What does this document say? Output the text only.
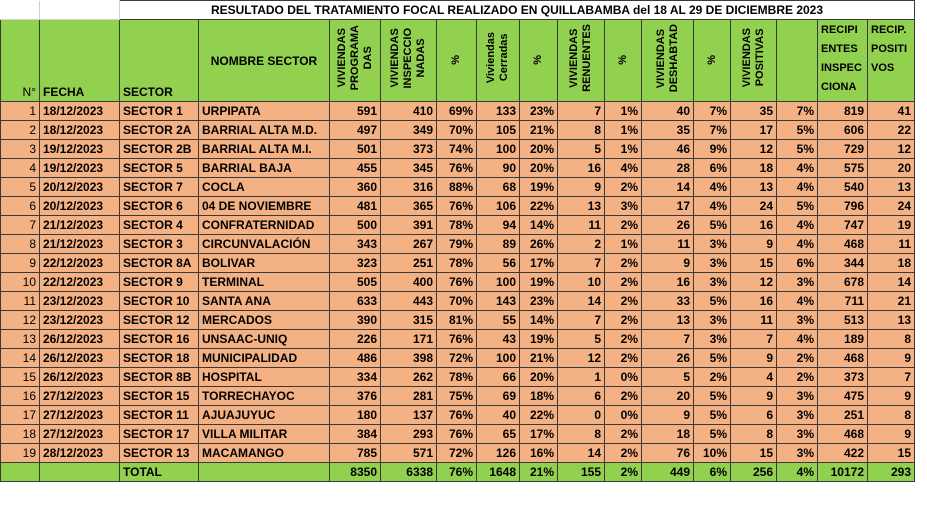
		RESULTADO DEL TRATAMIENTO FOCAL REALIZADO EN QUILLABAMBA del 18 AL 29 DE DICIEMBRE 2023														
N°	FECHA	SECTOR	NOMBRE SECTOR	VIVIENDAS
PROGRAMA
DAS	VIVIENDAS
INSPECCIO
NADAS	%	Viviendas
Cerradas	%	VIVIENDAS
RENUENTES	%	VIVIENDAS
DESHABTAD	%	VIVIENDAS
POSITIVAS		RECIPI
ENTES
INSPEC
CIONA	RECIP.
POSITI
VOS
1	18/12/2023	SECTOR 1	URPIPATA	591	410	69%	133	23%	7	1%	40	7%	35	7%	819	41
2	18/12/2023	SECTOR 2A	BARRIAL ALTA M.D.	497	349	70%	105	21%	8	1%	35	7%	17	5%	606	22
3	19/12/2023	SECTOR 2B	BARRIAL ALTA M.I.	501	373	74%	100	20%	5	1%	46	9%	12	5%	729	12
4	19/12/2023	SECTOR 5	BARRIAL BAJA	455	345	76%	90	20%	16	4%	28	6%	18	4%	575	20
5	20/12/2023	SECTOR 7	COCLA	360	316	88%	68	19%	9	2%	14	4%	13	4%	540	13
6	20/12/2023	SECTOR 6	04 DE NOVIEMBRE	481	365	76%	106	22%	13	3%	17	4%	24	5%	796	24
7	21/12/2023	SECTOR 4	CONFRATERNIDAD	500	391	78%	94	14%	11	2%	26	5%	16	4%	747	19
8	21/12/2023	SECTOR 3	CIRCUNVALACIÓN	343	267	79%	89	26%	2	1%	11	3%	9	4%	468	11
9	22/12/2023	SECTOR 8A	BOLIVAR	323	251	78%	56	17%	7	2%	9	3%	15	6%	344	18
10	22/12/2023	SECTOR 9	TERMINAL	505	400	76%	100	19%	10	2%	16	3%	12	3%	678	14
11	23/12/2023	SECTOR 10	SANTA ANA	633	443	70%	143	23%	14	2%	33	5%	16	4%	711	21
12	23/12/2023	SECTOR 12	MERCADOS	390	315	81%	55	14%	7	2%	13	3%	11	3%	513	13
13	26/12/2023	SECTOR 16	UNSAAC-UNIQ	226	171	76%	43	19%	5	2%	7	3%	7	4%	189	8
14	26/12/2023	SECTOR 18	MUNICIPALIDAD	486	398	72%	100	21%	12	2%	26	5%	9	2%	468	9
15	26/12/2023	SECTOR 8B	HOSPITAL	334	262	78%	66	20%	1	0%	5	2%	4	2%	373	7
16	27/12/2023	SECTOR 15	TORRECHAYOC	376	281	75%	69	18%	6	2%	20	5%	9	3%	475	9
17	27/12/2023	SECTOR 11	AJUAJUYUC	180	137	76%	40	22%	0	0%	9	5%	6	3%	251	8
18	27/12/2023	SECTOR 17	VILLA MILITAR	384	293	76%	65	17%	8	2%	18	5%	8	3%	468	9
19	28/12/2023	SECTOR 13	MACAMANGO	785	571	72%	126	16%	14	2%	76	10%	15	3%	422	15
		TOTAL		8350	6338	76%	1648	21%	155	2%	449	6%	256	4%	10172	293
